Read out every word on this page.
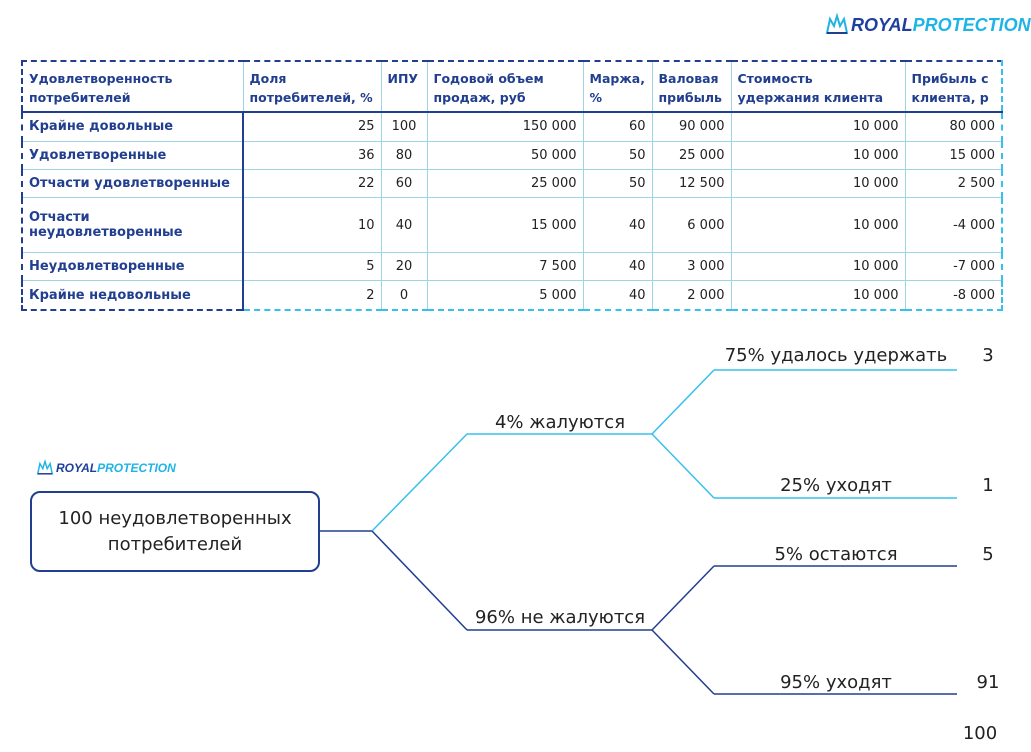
ROYALPROTECTION
Удовлетворенность потребителей	Доля потребителей, %	ИПУ	Годовой объем продаж, руб	Маржа, %	Валовая прибыль	Стоимость удержания клиента	Прибыль с клиента, р
Крайне довольные	25	100	150 000	60	90 000	10 000	80 000
Удовлетворенные	36	80	50 000	50	25 000	10 000	15 000
Отчасти удовлетворенные	22	60	25 000	50	12 500	10 000	2 500
Отчасти неудовлетворенные	10	40	15 000	40	6 000	10 000	-4 000
Неудовлетворенные	5	20	7 500	40	3 000	10 000	-7 000
Крайне недовольные	2	0	5 000	40	2 000	10 000	-8 000
ROYALPROTECTION
100 неудовлетворенных потребителей
4% жалуются
96% не жалуются
75% удалось удержать
25% уходят
5% остаются
95% уходят
3
1
5
91
100
